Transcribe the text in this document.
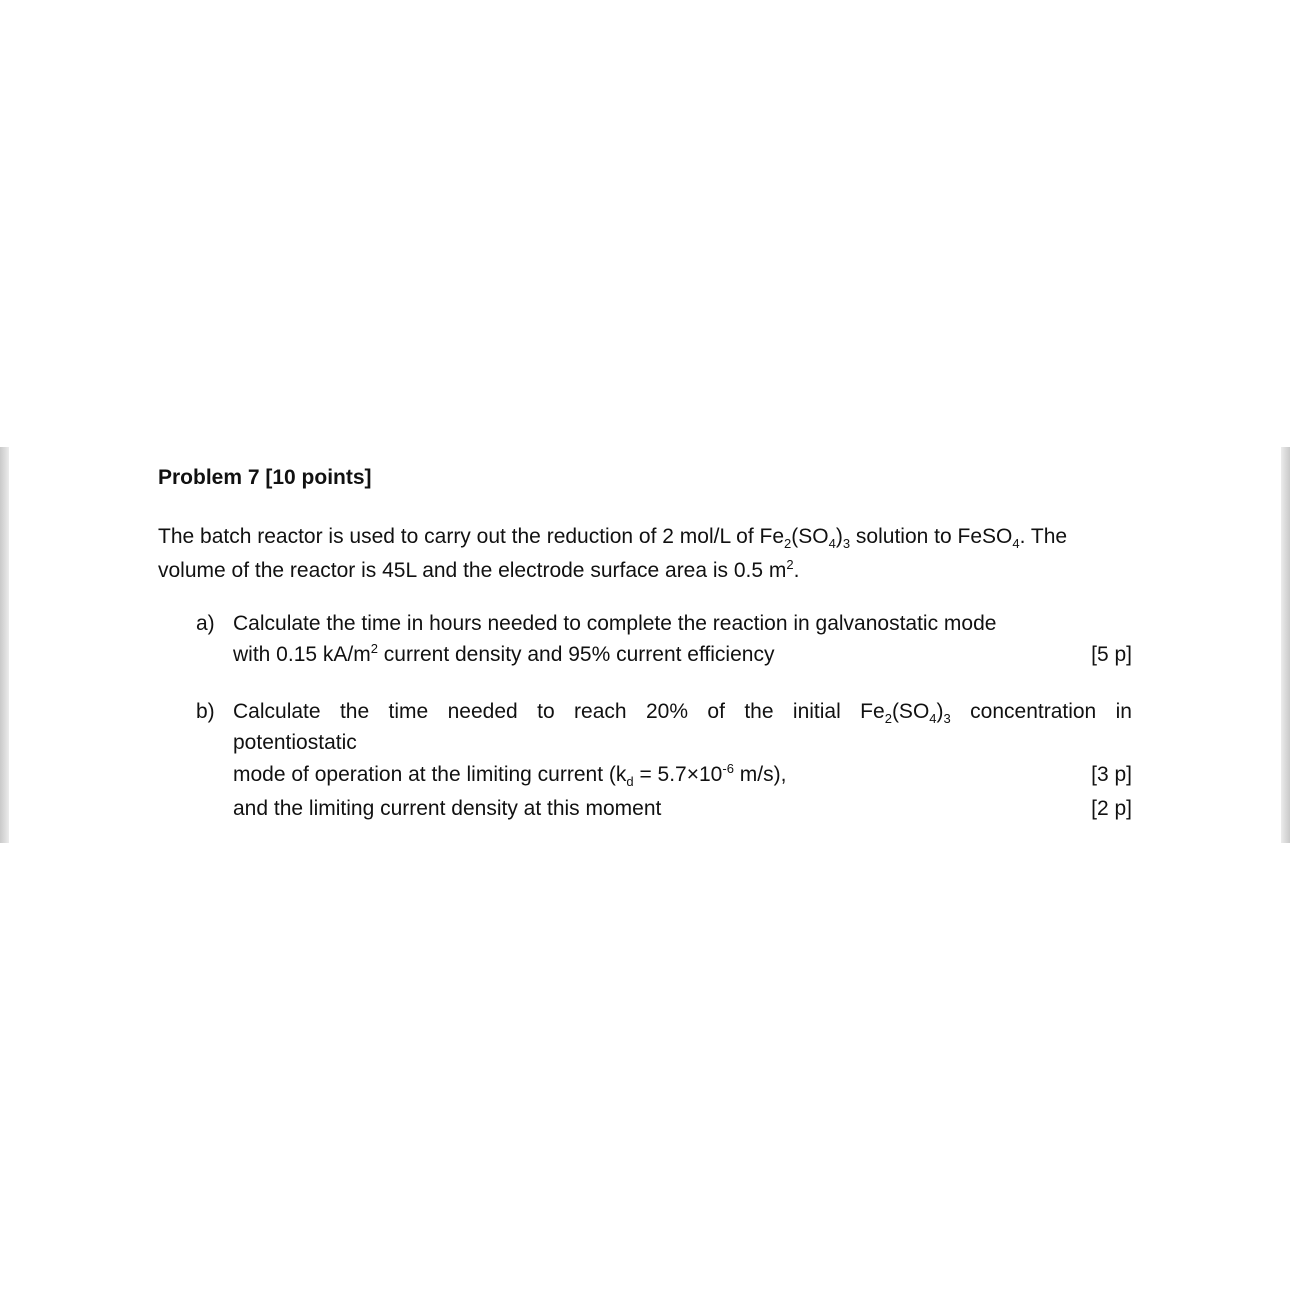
Problem 7 [10 points]

The batch reactor is used to carry out the reduction of 2 mol/L of $Fe_2(SO_4)_3$ solution to FeSO$_4$. The
volume of the reactor is 45L and the electrode surface area is 0.5 $m^2$.

a) Calculate the time in hours needed to complete the reaction in galvanostatic mode
with 0.15 $kA/m^2$ current density and 95% current efficiency	[5 p]
b) Calculate the time needed to reach 20% of the initial $Fe_2(SO_4)_3$ concentration in
potentiostatic
mode of operation at the limiting current ($k_d = 5.7\times 10^{-6}$ m/s),	[3 p]
and the limiting current density at this moment	[2 p]
